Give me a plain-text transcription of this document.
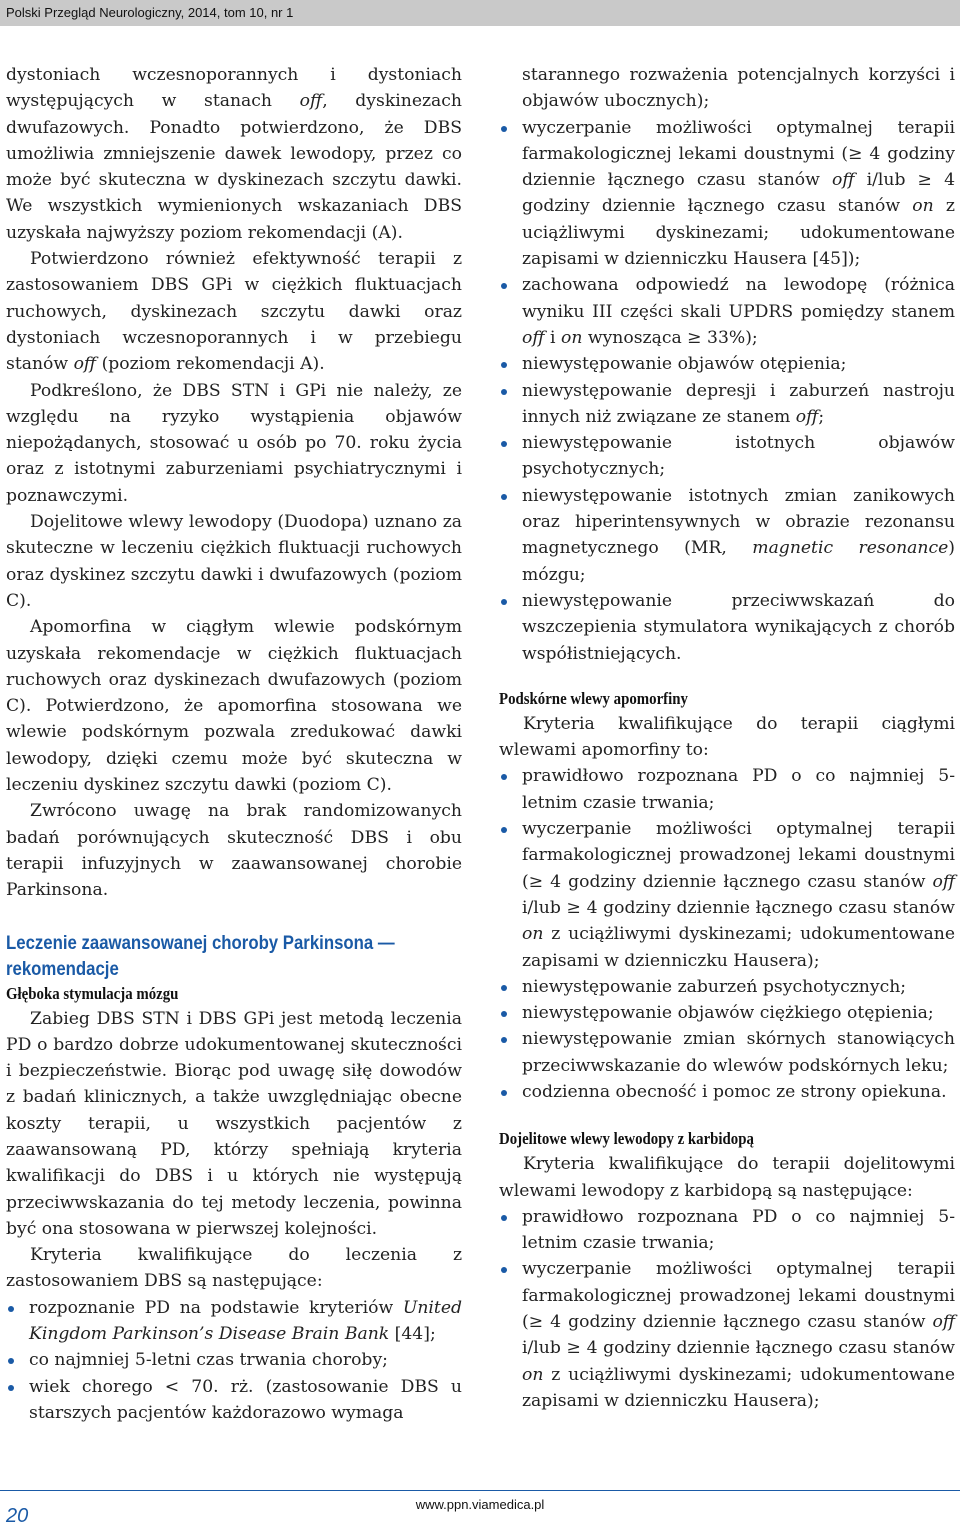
Polski Przegląd Neurologiczny, 2014, tom 10, nr 1

dystoniach wczesnoporannych i dystoniach występujących w stanach off, dyskinezach dwufazowych. Ponadto potwierdzono, że DBS umożliwia zmniejszenie dawek lewodopy, przez co może być skuteczna w dyskinezach szczytu dawki. We wszystkich wymienionych wskazaniach DBS uzyskała najwyższy poziom rekomendacji (A).

Potwierdzono również efektywność terapii z zastosowaniem DBS GPi w ciężkich fluktuacjach ruchowych, dyskinezach szczytu dawki oraz dystoniach wczesnoporannych i w przebiegu stanów off (poziom rekomendacji A).

Podkreślono, że DBS STN i GPi nie należy, ze względu na ryzyko wystąpienia objawów niepożądanych, stosować u osób po 70. roku życia oraz z istotnymi zaburzeniami psychiatrycznymi i poznawczymi.

Dojelitowe wlewy lewodopy (Duodopa) uznano za skuteczne w leczeniu ciężkich fluktuacji ruchowych oraz dyskinez szczytu dawki i dwufazowych (poziom C).

Apomorfina w ciągłym wlewie podskórnym uzyskała rekomendacje w ciężkich fluktuacjach ruchowych oraz dyskinezach dwufazowych (poziom C). Potwierdzono, że apomorfina stosowana we wlewie podskórnym pozwala zredukować dawki lewodopy, dzięki czemu może być skuteczna w leczeniu dyskinez szczytu dawki (poziom C).

Zwrócono uwagę na brak randomizowanych badań porównujących skuteczność DBS i obu terapii infuzyjnych w zaawansowanej chorobie Parkinsona.

Leczenie zaawansowanej choroby Parkinsona — rekomendacje
Głęboka stymulacja mózgu

Zabieg DBS STN i DBS GPi jest metodą leczenia PD o bardzo dobrze udokumentowanej skuteczności i bezpieczeństwie. Biorąc pod uwagę siłę dowodów z badań klinicznych, a także uwzględniając obecne koszty terapii, u wszystkich pacjentów z zaawansowaną PD, którzy spełniają kryteria kwalifikacji do DBS i u których nie występują przeciwwskazania do tej metody leczenia, powinna być ona stosowana w pierwszej kolejności.

Kryteria kwalifikujące do leczenia z zastosowaniem DBS są następujące:

rozpoznanie PD na podstawie kryteriów United Kingdom Parkinson’s Disease Brain Bank [44];
co najmniej 5-letni czas trwania choroby;
wiek chorego < 70. rż. (zastosowanie DBS u starszych pacjentów każdorazowo wymaga

starannego rozważenia potencjalnych korzyści i objawów ubocznych);

wyczerpanie możliwości optymalnej terapii farmakologicznej lekami doustnymi (≥ 4 godziny dziennie łącznego czasu stanów off i/lub ≥ 4 godziny dziennie łącznego czasu stanów on z uciążliwymi dyskinezami; udokumentowane zapisami w dzienniczku Hausera [45]);
zachowana odpowiedź na lewodopę (różnica wyniku III części skali UPDRS pomiędzy stanem off i on wynosząca ≥ 33%);
niewystępowanie objawów otępienia;
niewystępowanie depresji i zaburzeń nastroju innych niż związane ze stanem off;
niewystępowanie istotnych objawów psychotycznych;
niewystępowanie istotnych zmian zanikowych oraz hiperintensywnych w obrazie rezonansu magnetycznego (MR, magnetic resonance) mózgu;
niewystępowanie przeciwwskazań do wszczepienia stymulatora wynikających z chorób współistniejących.
Podskórne wlewy apomorfiny

Kryteria kwalifikujące do terapii ciągłymi wlewami apomorfiny to:

prawidłowo rozpoznana PD o co najmniej 5-letnim czasie trwania;
wyczerpanie możliwości optymalnej terapii farmakologicznej prowadzonej lekami doustnymi (≥ 4 godziny dziennie łącznego czasu stanów off i/lub ≥ 4 godziny dziennie łącznego czasu stanów on z uciążliwymi dyskinezami; udokumentowane zapisami w dzienniczku Hausera);
niewystępowanie zaburzeń psychotycznych;
niewystępowanie objawów ciężkiego otępienia;
niewystępowanie zmian skórnych stanowiących przeciwwskazanie do wlewów podskórnych leku;
codzienna obecność i pomoc ze strony opiekuna.
Dojelitowe wlewy lewodopy z karbidopą

Kryteria kwalifikujące do terapii dojelitowymi wlewami lewodopy z karbidopą są następujące:

prawidłowo rozpoznana PD o co najmniej 5-letnim czasie trwania;
wyczerpanie możliwości optymalnej terapii farmakologicznej prowadzonej lekami doustnymi (≥ 4 godziny dziennie łącznego czasu stanów off i/lub ≥ 4 godziny dziennie łącznego czasu stanów on z uciążliwymi dyskinezami; udokumentowane zapisami w dzienniczku Hausera);
20
www.ppn.viamedica.pl
